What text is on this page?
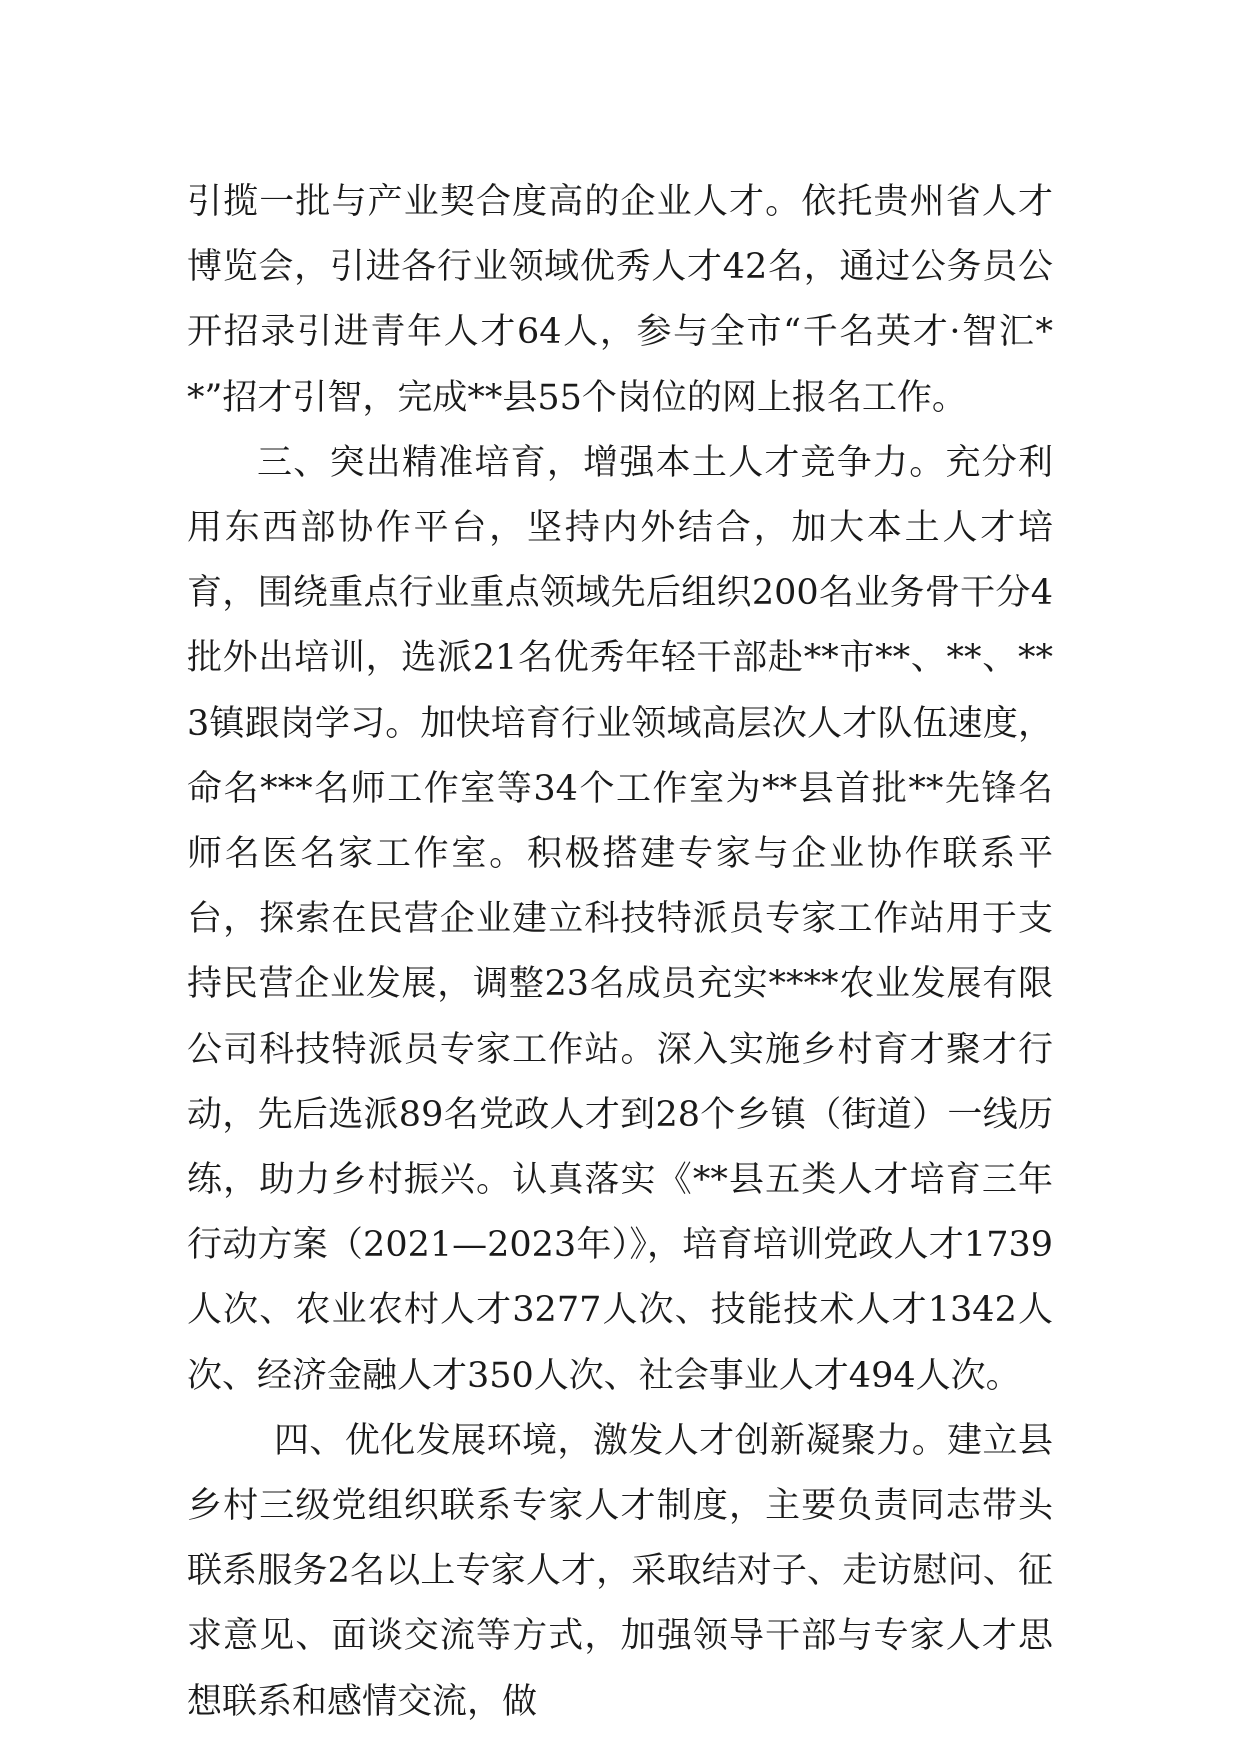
引揽一批与产业契合度高的企业人才。依托贵州省人才博览会，引进各行业领域优秀人才42名，通过公务员公开招录引进青年人才64人，参与全市“千名英才·智汇**”招才引智，完成**县55个岗位的网上报名工作。

三、突出精准培育，增强本土人才竞争力。充分利用东西部协作平台，坚持内外结合，加大本土人才培育，围绕重点行业重点领域先后组织200名业务骨干分4批外出培训，选派21名优秀年轻干部赴**市**、**、**3镇跟岗学习。加快培育行业领域高层次人才队伍速度，命名***名师工作室等34个工作室为**县首批**先锋名师名医名家工作室。积极搭建专家与企业协作联系平台，探索在民营企业建立科技特派员专家工作站用于支持民营企业发展，调整23名成员充实****农业发展有限公司科技特派员专家工作站。深入实施乡村育才聚才行动，先后选派89名党政人才到28个乡镇（街道）一线历练，助力乡村振兴。认真落实《**县五类人才培育三年行动方案（2021—2023年）》，培育培训党政人才1739人次、农业农村人才3277人次、技能技术人才1342人次、经济金融人才350人次、社会事业人才494人次。

四、优化发展环境，激发人才创新凝聚力。建立县乡村三级党组织联系专家人才制度，主要负责同志带头联系服务2名以上专家人才，采取结对子、走访慰问、征求意见、面谈交流等方式，加强领导干部与专家人才思想联系和感情交流，做
